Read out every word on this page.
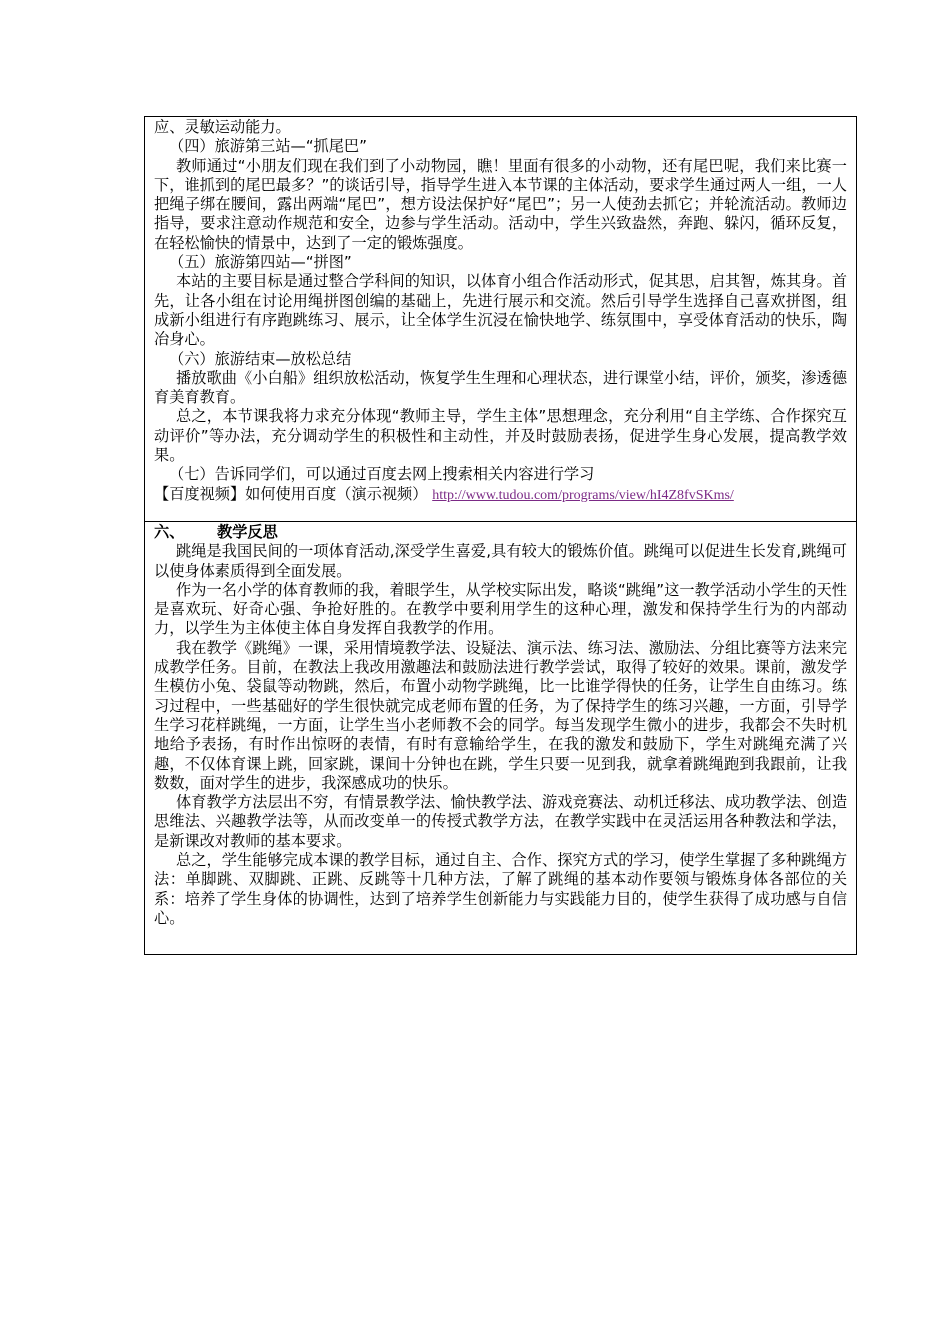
应、灵敏运动能力。

（四）旅游第三站—“抓尾巴”

教师通过“小朋友们现在我们到了小动物园，瞧！里面有很多的小动物，还有尾巴呢，我们来比赛一下，谁抓到的尾巴最多？”的谈话引导，指导学生进入本节课的主体活动，要求学生通过两人一组，一人把绳子绑在腰间，露出两端“尾巴”，想方设法保护好“尾巴”；另一人使劲去抓它；并轮流活动。教师边指导，要求注意动作规范和安全，边参与学生活动。活动中，学生兴致盎然，奔跑、躲闪，循环反复，在轻松愉快的情景中，达到了一定的锻炼强度。

（五）旅游第四站—“拼图”

本站的主要目标是通过整合学科间的知识，以体育小组合作活动形式，促其思，启其智，炼其身。首先，让各小组在讨论用绳拼图创编的基础上，先进行展示和交流。然后引导学生选择自己喜欢拼图，组成新小组进行有序跑跳练习、展示，让全体学生沉浸在愉快地学、练氛围中，享受体育活动的快乐，陶冶身心。

（六）旅游结束—放松总结

播放歌曲《小白船》组织放松活动，恢复学生生理和心理状态，进行课堂小结，评价，颁奖，渗透德育美育教育。

总之，本节课我将力求充分体现“教师主导，学生主体”思想理念，充分利用“自主学练、合作探究互动评价”等办法，充分调动学生的积极性和主动性，并及时鼓励表扬，促进学生身心发展，提高教学效果。

（七）告诉同学们，可以通过百度去网上搜索相关内容进行学习

【百度视频】如何使用百度（演示视频） http://www.tudou.com/programs/view/hI4Z8fvSKms/

六、 教学反思

跳绳是我国民间的一项体育活动,深受学生喜爱,具有较大的锻炼价值。跳绳可以促进生长发育,跳绳可以使身体素质得到全面发展。

作为一名小学的体育教师的我，着眼学生，从学校实际出发，略谈“跳绳”这一教学活动小学生的天性是喜欢玩、好奇心强、争抢好胜的。在教学中要利用学生的这种心理，激发和保持学生行为的内部动力，以学生为主体使主体自身发挥自我教学的作用。

我在教学《跳绳》一课，采用情境教学法、设疑法、演示法、练习法、激励法、分组比赛等方法来完成教学任务。目前，在教法上我改用激趣法和鼓励法进行教学尝试，取得了较好的效果。课前，激发学生模仿小兔、袋鼠等动物跳，然后，布置小动物学跳绳，比一比谁学得快的任务，让学生自由练习。练习过程中，一些基础好的学生很快就完成老师布置的任务，为了保持学生的练习兴趣，一方面，引导学生学习花样跳绳，一方面，让学生当小老师教不会的同学。每当发现学生微小的进步，我都会不失时机地给予表扬，有时作出惊呀的表情，有时有意输给学生，在我的激发和鼓励下，学生对跳绳充满了兴趣，不仅体育课上跳，回家跳，课间十分钟也在跳，学生只要一见到我，就拿着跳绳跑到我跟前，让我数数，面对学生的进步，我深感成功的快乐。

体育教学方法层出不穷，有情景教学法、愉快教学法、游戏竞赛法、动机迁移法、成功教学法、创造思维法、兴趣教学法等，从而改变单一的传授式教学方法，在教学实践中在灵活运用各种教法和学法，是新课改对教师的基本要求。

总之，学生能够完成本课的教学目标，通过自主、合作、探究方式的学习，使学生掌握了多种跳绳方法：单脚跳、双脚跳、正跳、反跳等十几种方法，了解了跳绳的基本动作要领与锻炼身体各部位的关系：培养了学生身体的协调性，达到了培养学生创新能力与实践能力目的，使学生获得了成功感与自信心。
